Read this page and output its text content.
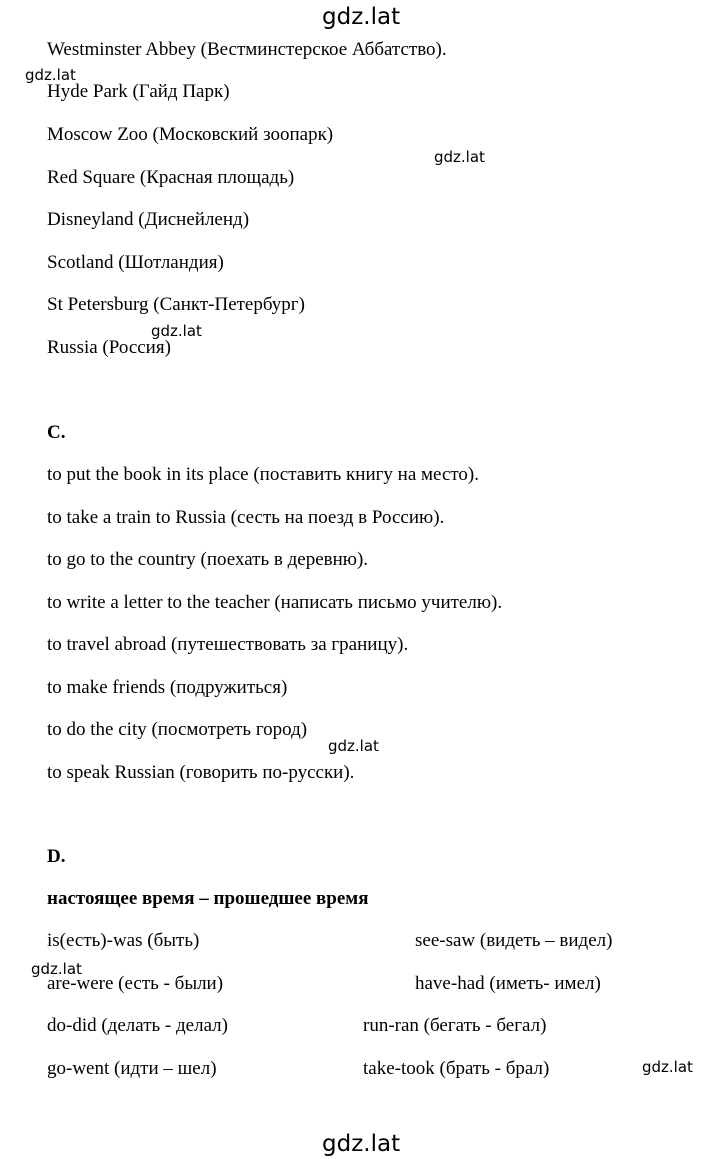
gdz.lat
gdz.lat
gdz.lat
gdz.lat
gdz.lat
gdz.lat
gdz.lat
gdz.lat
Westminster Abbey (Вестминстерское Аббатство).
Hyde Park (Гайд Парк)
Moscow Zoo (Московский зоопарк)
Red Square (Красная площадь)
Disneyland (Диснейленд)
Scotland (Шотландия)
St Petersburg (Санкт-Петербург)
Russia (Россия)
C.
to put the book in its place (поставить книгу на место).
to take a train to Russia (сесть на поезд в Россию).
to go to the country (поехать в деревню).
to write a letter to the teacher (написать письмо учителю).
to travel abroad (путешествовать за границу).
to make friends (подружиться)
to do the city (посмотреть город)
to speak Russian (говорить по-русски).
D.
настоящее время – прошедшее время
is(есть)-was (быть)	see-saw (видеть – видел)
are-were (есть - были)	have-had (иметь- имел)
do-did (делать - делал)	run-ran (бегать - бегал)
go-went (идти – шел)	take-took (брать - брал)
